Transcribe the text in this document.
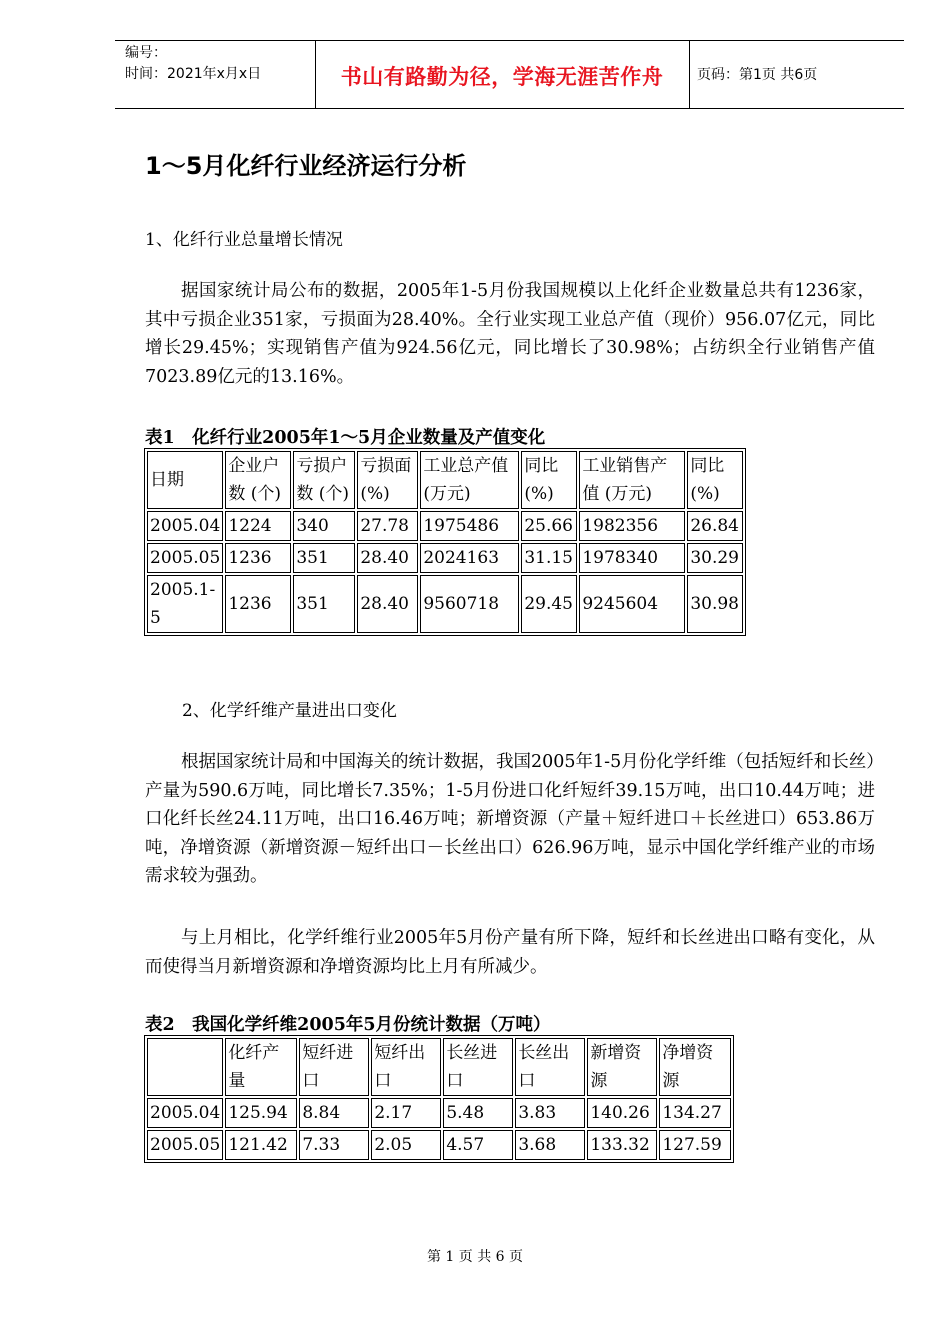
编号：
时间：2021年x月x日	书山有路勤为径，学海无涯苦作舟	页码：第1页 共6页
1～5月化纤行业经济运行分析
1、化纤行业总量增长情况
据国家统计局公布的数据，2005年1-5月份我国规模以上化纤企业数量总共有1236家，其中亏损企业351家，亏损面为28.40%。全行业实现工业总产值（现价）956.07亿元，同比增长29.45%；实现销售产值为924.56亿元，同比增长了30.98%；占纺织全行业销售产值7023.89亿元的13.16%。
表1　化纤行业2005年1～5月企业数量及产值变化
日期	企业户数 (个)	亏损户数 (个)	亏损面 (%)	工业总产值 (万元)	同比 (%)	工业销售产值 (万元)	同比 (%)
2005.04	1224	340	27.78	1975486	25.66	1982356	26.84
2005.05	1236	351	28.40	2024163	31.15	1978340	30.29
2005.1-5	1236	351	28.40	9560718	29.45	9245604	30.98
2、化学纤维产量进出口变化
根据国家统计局和中国海关的统计数据，我国2005年1-5月份化学纤维（包括短纤和长丝）产量为590.6万吨，同比增长7.35%；1-5月份进口化纤短纤39.15万吨，出口10.44万吨；进口化纤长丝24.11万吨，出口16.46万吨；新增资源（产量＋短纤进口＋长丝进口）653.86万吨，净增资源（新增资源－短纤出口－长丝出口）626.96万吨，显示中国化学纤维产业的市场需求较为强劲。
与上月相比，化学纤维行业2005年5月份产量有所下降，短纤和长丝进出口略有变化，从而使得当月新增资源和净增资源均比上月有所减少。
表2　我国化学纤维2005年5月份统计数据（万吨）
	化纤产量	短纤进口	短纤出口	长丝进口	长丝出口	新增资源	净增资源
2005.04	125.94	8.84	2.17	5.48	3.83	140.26	134.27
2005.05	121.42	7.33	2.05	4.57	3.68	133.32	127.59
第 1 页 共 6 页
